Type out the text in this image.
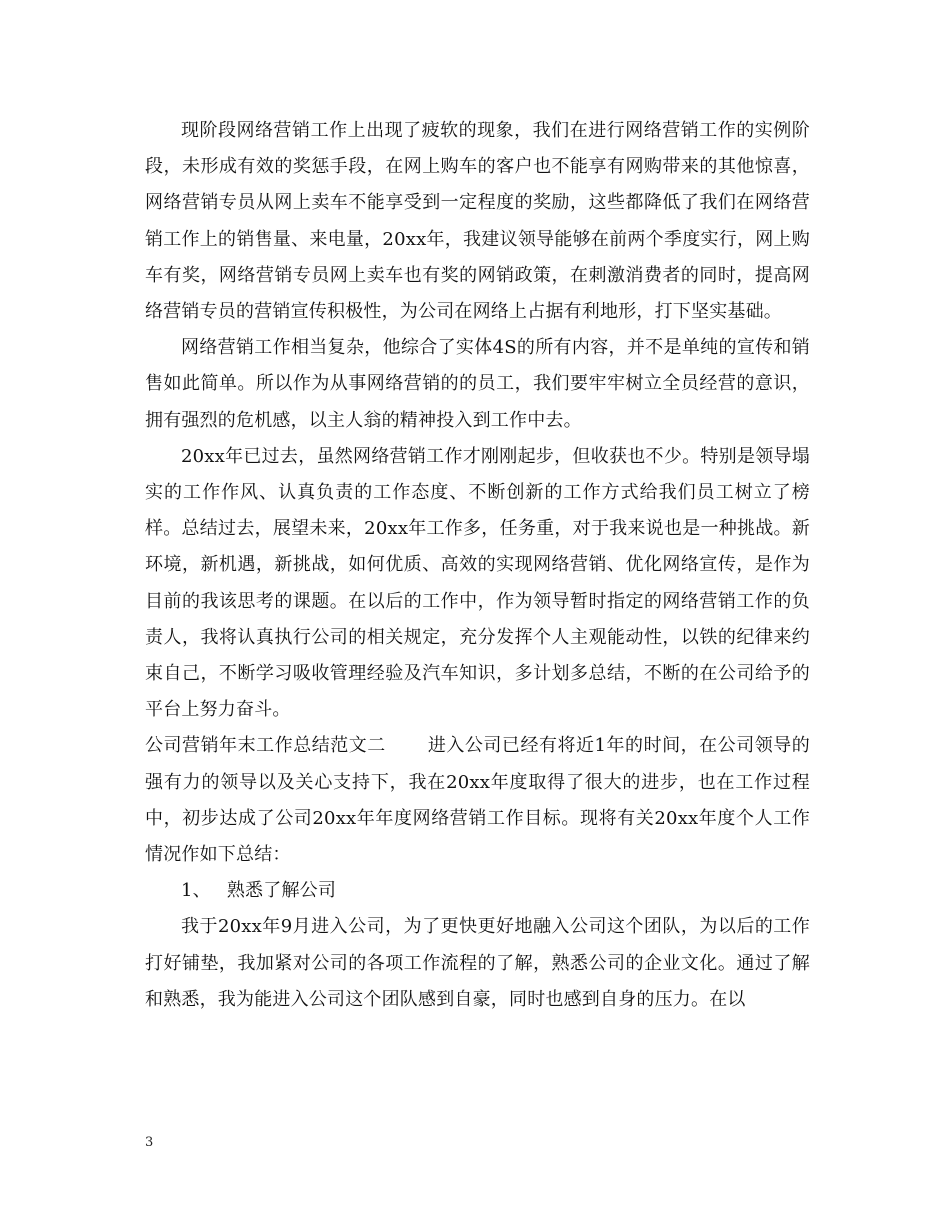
现阶段网络营销工作上出现了疲软的现象，我们在进行网络营销工作的实例阶段，未形成有效的奖惩手段，在网上购车的客户也不能享有网购带来的其他惊喜，网络营销专员从网上卖车不能享受到一定程度的奖励，这些都降低了我们在网络营销工作上的销售量、来电量，20xx年，我建议领导能够在前两个季度实行，网上购车有奖，网络营销专员网上卖车也有奖的网销政策，在刺激消费者的同时，提高网络营销专员的营销宣传积极性，为公司在网络上占据有利地形，打下坚实基础。

网络营销工作相当复杂，他综合了实体4S的所有内容，并不是单纯的宣传和销售如此简单。所以作为从事网络营销的的员工，我们要牢牢树立全员经营的意识，拥有强烈的危机感，以主人翁的精神投入到工作中去。

20xx年已过去，虽然网络营销工作才刚刚起步，但收获也不少。特别是领导塌实的工作作风、认真负责的工作态度、不断创新的工作方式给我们员工树立了榜样。总结过去，展望未来，20xx年工作多，任务重，对于我来说也是一种挑战。新环境，新机遇，新挑战，如何优质、高效的实现网络营销、优化网络宣传，是作为目前的我该思考的课题。在以后的工作中，作为领导暂时指定的网络营销工作的负责人，我将认真执行公司的相关规定，充分发挥个人主观能动性，以铁的纪律来约束自己，不断学习吸收管理经验及汽车知识，多计划多总结，不断的在公司给予的平台上努力奋斗。

公司营销年末工作总结范文二 进入公司已经有将近1年的时间，在公司领导的强有力的领导以及关心支持下，我在20xx年度取得了很大的进步，也在工作过程中，初步达成了公司20xx年年度网络营销工作目标。现将有关20xx年度个人工作情况作如下总结：

1、 熟悉了解公司

我于20xx年9月进入公司，为了更快更好地融入公司这个团队，为以后的工作打好铺垫，我加紧对公司的各项工作流程的了解，熟悉公司的企业文化。通过了解和熟悉，我为能进入公司这个团队感到自豪，同时也感到自身的压力。在以

3
